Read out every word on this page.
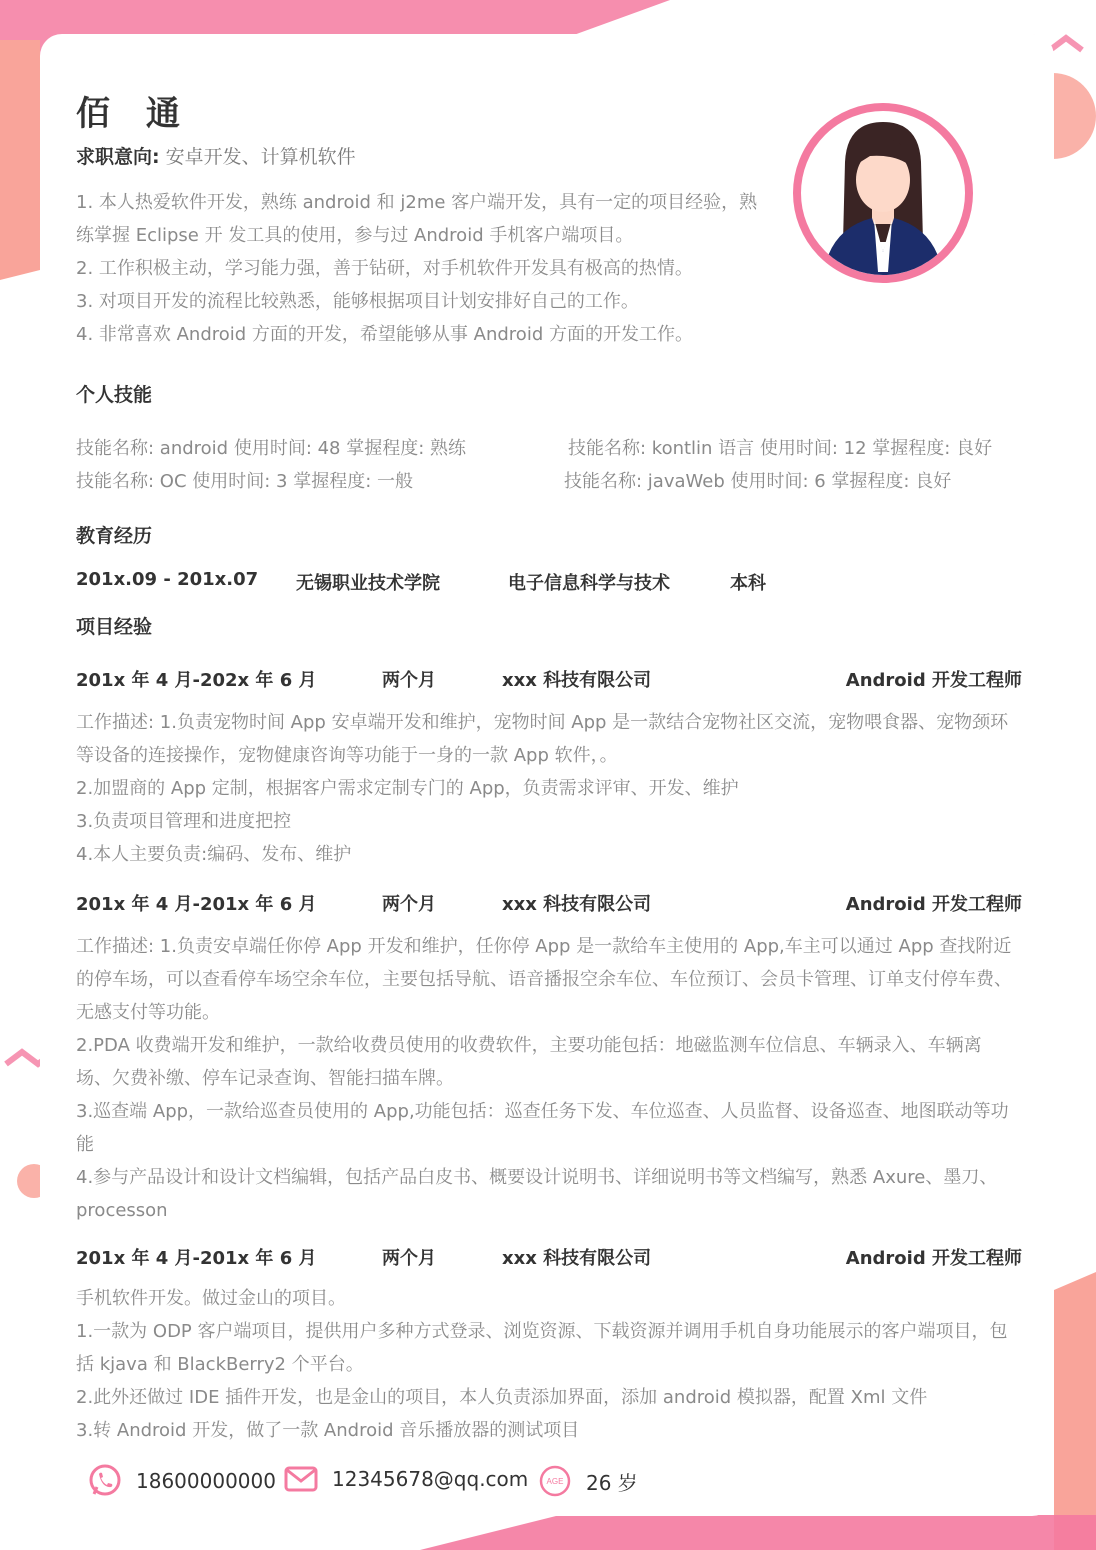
佰 通
求职意向: 安卓开发、计算机软件

1. 本人热爱软件开发，熟练 android 和 j2me 客户端开发，具有一定的项目经验，熟练掌握 Eclipse 开 发工具的使用，参与过 Android 手机客户端项目。

2. 工作积极主动，学习能力强，善于钻研，对手机软件开发具有极高的热情。

3. 对项目开发的流程比较熟悉，能够根据项目计划安排好自己的工作。

4. 非常喜欢 Android 方面的开发，希望能够从事 Android 方面的开发工作。

个人技能
技能名称: android 使用时间: 48 掌握程度: 熟练	技能名称: kontlin 语言 使用时间: 12 掌握程度: 良好
技能名称: OC 使用时间: 3 掌握程度: 一般	技能名称: javaWeb 使用时间: 6 掌握程度: 良好
教育经历
201x.09 - 201x.07 无锡职业技术学院	电子信息科学与技术	本科
项目经验
201x 年 4 月-202x 年 6 月	两个月	xxx 科技有限公司	Android 开发工程师

工作描述: 1.负责宠物时间 App 安卓端开发和维护，宠物时间 App 是一款结合宠物社区交流，宠物喂食器、宠物颈环等设备的连接操作，宠物健康咨询等功能于一身的一款 App 软件，。

2.加盟商的 App 定制，根据客户需求定制专门的 App，负责需求评审、开发、维护

3.负责项目管理和进度把控

4.本人主要负责:编码、发布、维护

201x 年 4 月-201x 年 6 月	两个月	xxx 科技有限公司	Android 开发工程师

工作描述: 1.负责安卓端任你停 App 开发和维护，任你停 App 是一款给车主使用的 App,车主可以通过 App 查找附近的停车场，可以查看停车场空余车位，主要包括导航、语音播报空余车位、车位预订、会员卡管理、订单支付停车费、无感支付等功能。

2.PDA 收费端开发和维护，一款给收费员使用的收费软件，主要功能包括：地磁监测车位信息、车辆录入、车辆离场、欠费补缴、停车记录查询、智能扫描车牌。

3.巡查端 App，一款给巡查员使用的 App,功能包括：巡查任务下发、车位巡查、人员监督、设备巡查、地图联动等功能

4.参与产品设计和设计文档编辑，包括产品白皮书、概要设计说明书、详细说明书等文档编写，熟悉 Axure、墨刀、processon

201x 年 4 月-201x 年 6 月	两个月	xxx 科技有限公司	Android 开发工程师

手机软件开发。做过金山的项目。

1.一款为 ODP 客户端项目，提供用户多种方式登录、浏览资源、下载资源并调用手机自身功能展示的客户端项目，包括 kjava 和 BlackBerry2 个平台。

2.此外还做过 IDE 插件开发，也是金山的项目，本人负责添加界面，添加 android 模拟器，配置 Xml 文件

3.转 Android 开发，做了一款 Android 音乐播放器的测试项目

18600000000	12345678@qq.com AGE 26 岁
